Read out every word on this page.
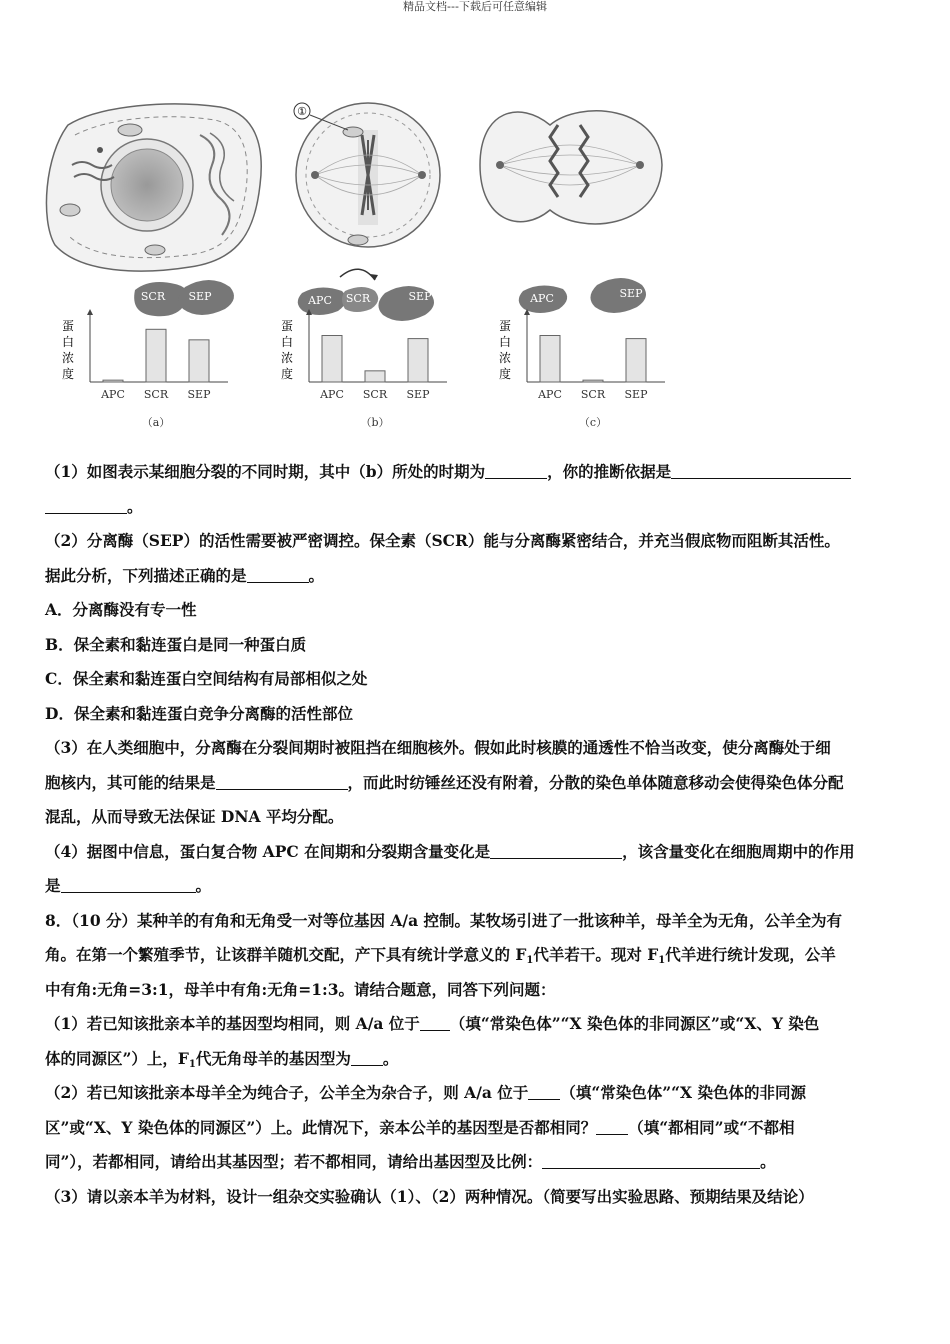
精品文档---下载后可任意编辑
①
SCR SEP	APC SCR	SEP	APC	SEP
蛋
白
浓
度
APC SCR SEP
（a）
蛋
白
浓
度
APC SCR SEP
（b）
蛋
白
浓
度
APC SCR SEP
（c）

（1）如图表示某细胞分裂的不同时期，其中（b）所处的时期为	，你的推断依据是

。

（2）分离酶（SEP）的活性需要被严密调控。保全素（SCR）能与分离酶紧密结合，并充当假底物而阻断其活性。

据此分析，下列描述正确的是	。

A．分离酶没有专一性

B．保全素和黏连蛋白是同一种蛋白质

C．保全素和黏连蛋白空间结构有局部相似之处

D．保全素和黏连蛋白竞争分离酶的活性部位

（3）在人类细胞中，分离酶在分裂间期时被阻挡在细胞核外。假如此时核膜的通透性不恰当改变，使分离酶处于细

胞核内，其可能的结果是	，而此时纺锤丝还没有附着，分散的染色单体随意移动会使得染色体分配

混乱，从而导致无法保证 DNA 平均分配。

（4）据图中信息，蛋白复合物 APC 在间期和分裂期含量变化是	，该含量变化在细胞周期中的作用

是	。

8．（10 分）某种羊的有角和无角受一对等位基因 A/a 控制。某牧场引进了一批该种羊，母羊全为无角，公羊全为有

角。在第一个繁殖季节，让该群羊随机交配，产下具有统计学意义的 $F_1$代羊若干。现对 $F_1$代羊进行统计发现，公羊

中有角:无角=3:1，母羊中有角:无角=1:3。请结合题意，同答下列问题：

（1）若已知该批亲本羊的基因型均相同，则 A/a 位于 （填“常染色体”“X 染色体的非同源区”或“X、Y 染色

体的同源区”）上，$F_1$代无角母羊的基因型为 。

（2）若已知该批亲本母羊全为纯合子，公羊全为杂合子，则 A/a 位于 （填“常染色体”“X 染色体的非同源

区”或“X、Y 染色体的同源区”）上。此情况下，亲本公羊的基因型是否都相同？ （填“都相同”或“不都相

同”），若都相同，请给出其基因型；若不都相同，请给出基因型及比例：	。

（3）请以亲本羊为材料，设计一组杂交实验确认（1）、（2）两种情况。（简要写出实验思路、预期结果及结论）
